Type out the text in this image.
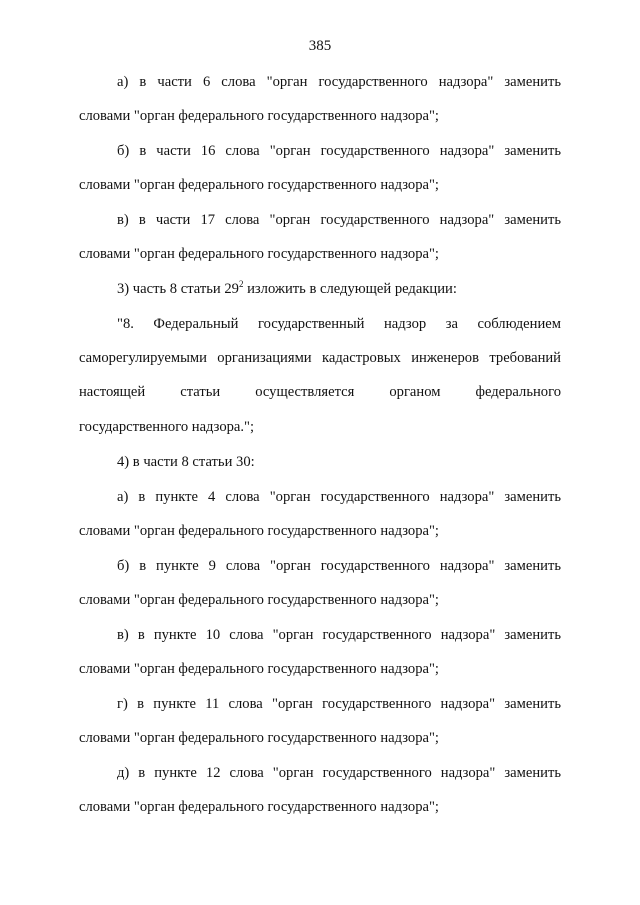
385
а) в части 6 слова "орган государственного надзора" заменить
словами "орган федерального государственного надзора";
б) в части 16 слова "орган государственного надзора" заменить
словами "орган федерального государственного надзора";
в) в части 17 слова "орган государственного надзора" заменить
словами "орган федерального государственного надзора";
3) часть 8 статьи $29^2$ изложить в следующей редакции:
"8. Федеральный государственный надзор за соблюдением
саморегулируемыми организациями кадастровых инженеров требований
настоящей статьи осуществляется органом федерального
государственного надзора.";
4) в части 8 статьи 30:
а) в пункте 4 слова "орган государственного надзора" заменить
словами "орган федерального государственного надзора";
б) в пункте 9 слова "орган государственного надзора" заменить
словами "орган федерального государственного надзора";
в) в пункте 10 слова "орган государственного надзора" заменить
словами "орган федерального государственного надзора";
г) в пункте 11 слова "орган государственного надзора" заменить
словами "орган федерального государственного надзора";
д) в пункте 12 слова "орган государственного надзора" заменить
словами "орган федерального государственного надзора";
